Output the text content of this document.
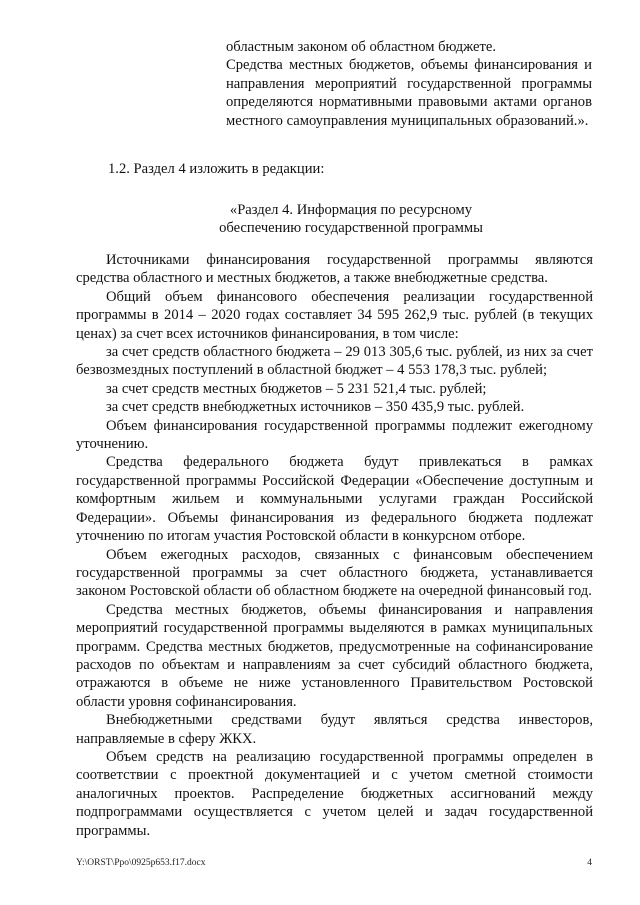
областным законом об областном бюджете.

Средства местных бюджетов, объемы финансирования и направления мероприятий государственной программы определяются нормативными правовыми актами органов местного самоуправления муниципальных образований.».

1.2. Раздел 4 изложить в редакции:

«Раздел 4. Информация по ресурсному
обеспечению государственной программы

Источниками финансирования государственной программы являются средства областного и местных бюджетов, а также внебюджетные средства.

Общий объем финансового обеспечения реализации государственной программы в 2014 – 2020 годах составляет 34 595 262,9 тыс. рублей (в текущих ценах) за счет всех источников финансирования, в том числе:

за счет средств областного бюджета – 29 013 305,6 тыс. рублей, из них за счет безвозмездных поступлений в областной бюджет – 4 553 178,3 тыс. рублей;

за счет средств местных бюджетов – 5 231 521,4 тыс. рублей;

за счет средств внебюджетных источников – 350 435,9 тыс. рублей.

Объем финансирования государственной программы подлежит ежегодному уточнению.

Средства федерального бюджета будут привлекаться в рамках государственной программы Российской Федерации «Обеспечение доступным и комфортным жильем и коммунальными услугами граждан Российской Федерации». Объемы финансирования из федерального бюджета подлежат уточнению по итогам участия Ростовской области в конкурсном отборе.

Объем ежегодных расходов, связанных с финансовым обеспечением государственной программы за счет областного бюджета, устанавливается законом Ростовской области об областном бюджете на очередной финансовый год.

Средства местных бюджетов, объемы финансирования и направления мероприятий государственной программы выделяются в рамках муниципальных программ. Средства местных бюджетов, предусмотренные на софинансирование расходов по объектам и направлениям за счет субсидий областного бюджета, отражаются в объеме не ниже установленного Правительством Ростовской области уровня софинансирования.

Внебюджетными средствами будут являться средства инвесторов, направляемые в сферу ЖКХ.

Объем средств на реализацию государственной программы определен в соответствии с проектной документацией и с учетом сметной стоимости аналогичных проектов. Распределение бюджетных ассигнований между подпрограммами осуществляется с учетом целей и задач государственной программы.

Y:\ORST\Ppo\0925p653.f17.docx	4
